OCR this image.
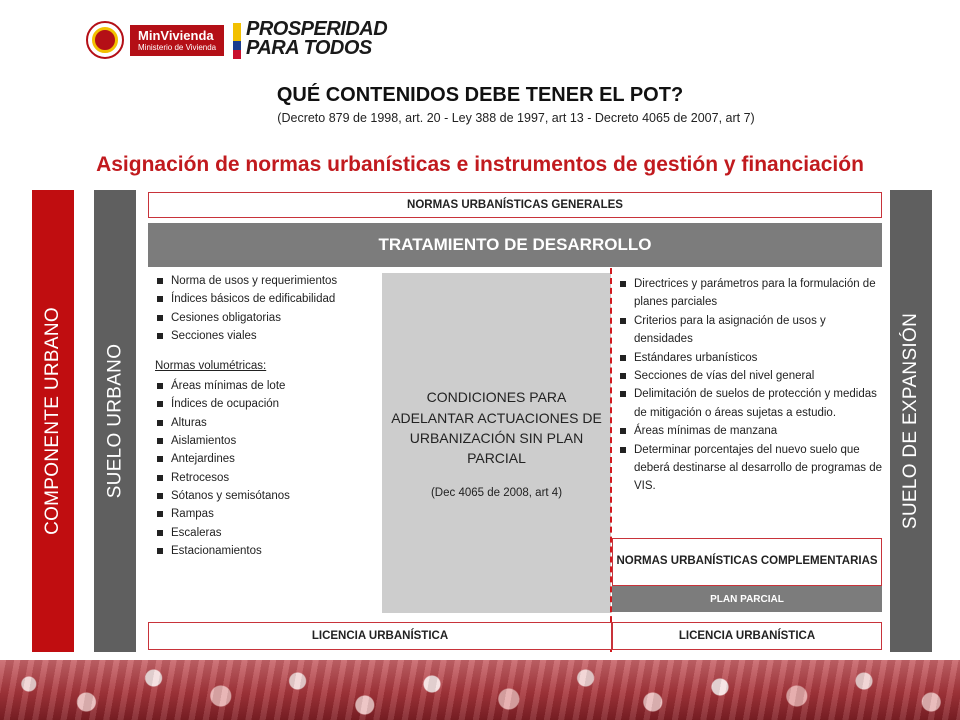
MinVivienda
Ministerio de Vivienda
PROSPERIDAD
PARA TODOS
QUÉ CONTENIDOS DEBE TENER EL POT?
(Decreto 879 de 1998, art. 20 - Ley 388 de 1997, art 13 - Decreto 4065 de 2007, art 7)
Asignación de normas urbanísticas e instrumentos de gestión y financiación
COMPONENTE URBANO SUELO URBANO	SUELO DE EXPANSIÓN
NORMAS URBANÍSTICAS GENERALES
TRATAMIENTO DE DESARROLLO
Norma de usos y requerimientos
Índices básicos de edificabilidad
Cesiones obligatorias
Secciones viales
Normas volumétricas:
Áreas mínimas de lote
Índices de ocupación
Alturas
Aislamientos
Antejardines
Retrocesos
Sótanos y semisótanos
Rampas
Escaleras
Estacionamientos
CONDICIONES PARA ADELANTAR ACTUACIONES DE URBANIZACIÓN SIN PLAN PARCIAL
(Dec 4065 de 2008, art 4)
Directrices y parámetros para la formulación de planes parciales
Criterios para la asignación de usos y densidades
Estándares urbanísticos
Secciones de vías del nivel general
Delimitación de suelos de protección y medidas de mitigación o áreas sujetas a estudio.
Áreas mínimas de manzana
Determinar porcentajes del nuevo suelo que deberá destinarse al desarrollo de programas de VIS.
NORMAS URBANÍSTICAS COMPLEMENTARIAS
PLAN PARCIAL
LICENCIA URBANÍSTICA	LICENCIA URBANÍSTICA
